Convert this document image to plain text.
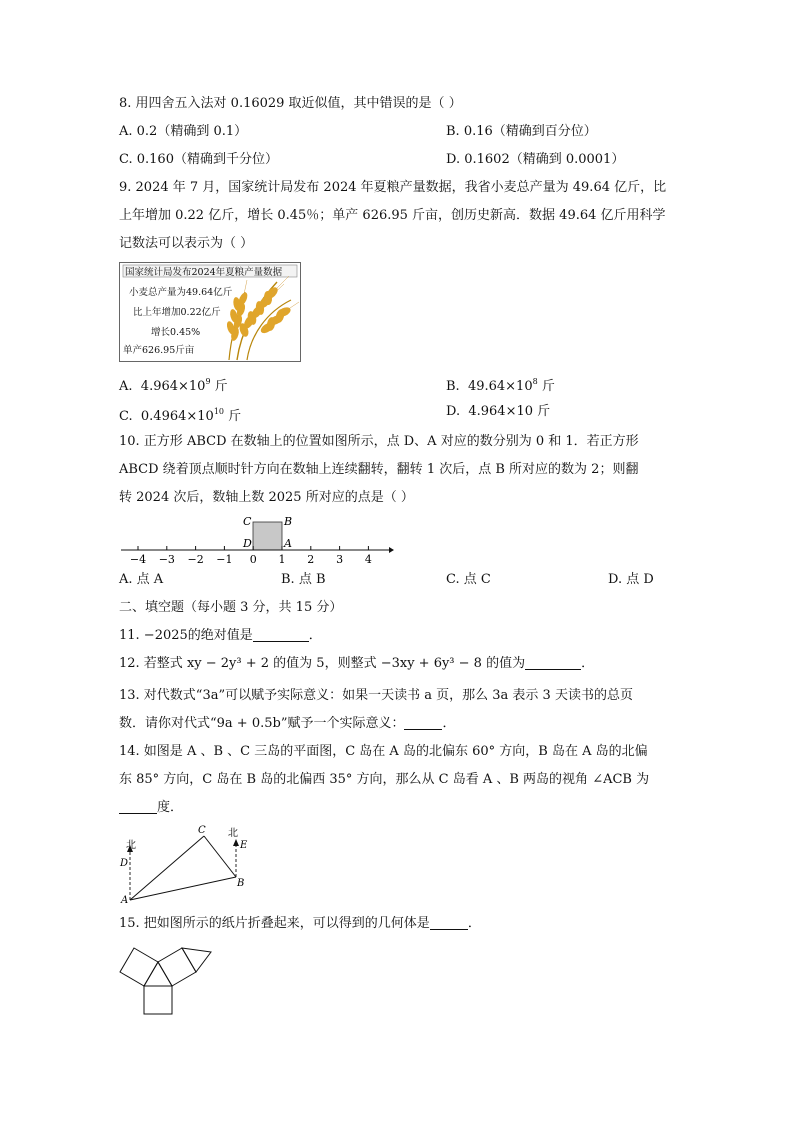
8. 用四舍五入法对 0.16029 取近似值，其中错误的是（ ）
A. 0.2（精确到 0.1）	B. 0.16（精确到百分位）
C. 0.160（精确到千分位）	D. 0.1602（精确到 0.0001）
9. 2024 年 7 月，国家统计局发布 2024 年夏粮产量数据，我省小麦总产量为 49.64 亿斤，比
上年增加 0.22 亿斤，增长 0.45％；单产 626.95 斤亩，创历史新高．数据 49.64 亿斤用科学
记数法可以表示为（ ）
国家统计局发布2024年夏粮产量数据
小麦总产量为49.64亿斤
比上年增加0.22亿斤
增长0.45%
单产626.95斤亩
A. $4.964\times 10^9$ 斤	B. $49.64\times 10^8$ 斤
C. $0.4964\times 10^{10}$ 斤	D. 4.964×10 斤
10. 正方形 ABCD 在数轴上的位置如图所示，点 D、A 对应的数分别为 0 和 1．若正方形
ABCD 绕着顶点顺时针方向在数轴上连续翻转，翻转 1 次后，点 B 所对应的数为 2；则翻
转 2024 次后，数轴上数 2025 所对应的点是（ ）
−4 −3 −2 −1 0 1 2 3 4
C	B
D	A
A. 点 A	B. 点 B	C. 点 C	D. 点 D
二、填空题（每小题 3 分，共 15 分）
11. −2025的绝对值是	．
12. 若整式 xy − 2y³ + 2 的值为 5，则整式 −3xy + 6y³ − 8 的值为	．
13. 对代数式“3a”可以赋予实际意义：如果一天读书 a 页，那么 3a 表示 3 天读书的总页
数．请你对代式“9a + 0.5b”赋予一个实际意义：	．
14. 如图是 A 、B 、C 三岛的平面图，C 岛在 A 岛的北偏东 60° 方向，B 岛在 A 岛的北偏
东 85° 方向，C 岛在 B 岛的北偏西 35° 方向，那么从 C 岛看 A 、B 两岛的视角 ∠ACB 为
度．
北
北
D
E
C
B
A
15. 把如图所示的纸片折叠起来，可以得到的几何体是	．
